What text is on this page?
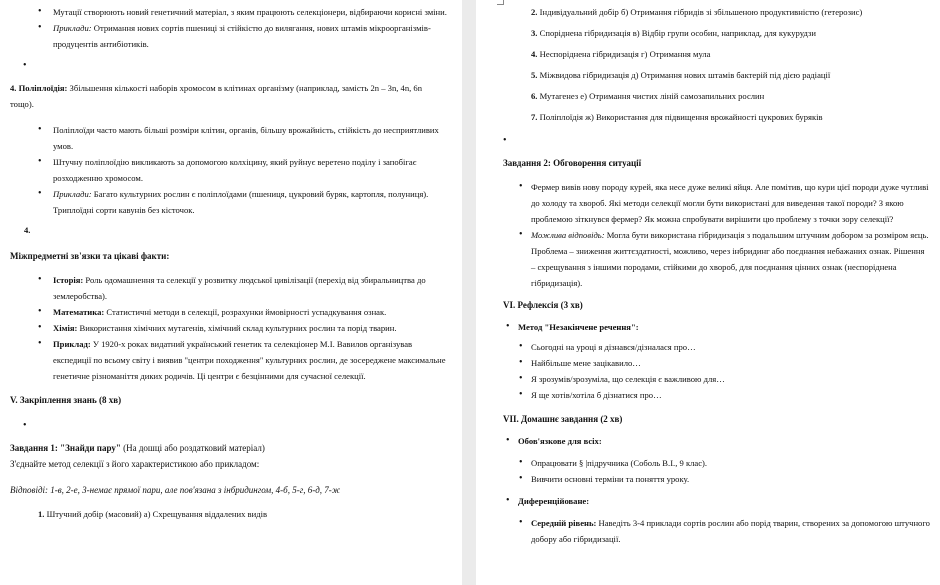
• Мутації створюють новий генетичний матеріал, з яким працюють селекціонери, відбираючи корисні зміни.
• Приклади: Отримання нових сортів пшениці зі стійкістю до вилягання, нових штамів мікроорганізмів-продуцентів антибіотиків.
•

4. Поліплоїдія: Збільшення кількості наборів хромосом в клітинах організму (наприклад, замість 2n – 3n, 4n, 6n тощо).

• Поліплоїди часто мають більші розміри клітин, органів, більшу врожайність, стійкість до несприятливих умов.
• Штучну поліплоїдію викликають за допомогою колхіцину, який руйнує веретено поділу і запобігає розходженню хромосом.
• Приклади: Багато культурних рослин є поліплоїдами (пшениця, цукровий буряк, картопля, полуниця). Триплоїдні сорти кавунів без кісточок.

4.

Міжпредметні зв'язки та цікаві факти:

• Історія: Роль одомашнення та селекції у розвитку людської цивілізації (перехід від збиральництва до землеробства).
• Математика: Статистичні методи в селекції, розрахунки ймовірності успадкування ознак.
• Хімія: Використання хімічних мутагенів, хімічний склад культурних рослин та порід тварин.
• Приклад: У 1920-х роках видатний український генетик та селекціонер М.І. Вавилов організував експедиції по всьому світу і виявив "центри походження" культурних рослин, де зосереджене максимальне генетичне різноманіття диких родичів. Ці центри є безцінними для сучасної селекції.

V. Закріплення знань (8 хв)

•

Завдання 1: "Знайди пару" (На дошці або роздатковий матеріал)

З'єднайте метод селекції з його характеристикою або прикладом:

Відповіді: 1-в, 2-е, 3-немає прямої пари, але пов'язана з інбридингом, 4-б, 5-г, 6-д, 7-ж

1. Штучний добір (масовий) а) Схрещування віддалених видів

2. Індивідуальний добір б) Отримання гібридів зі збільшеною продуктивністю (гетерозис)

3. Споріднена гібридизація в) Відбір групи особин, наприклад, для кукурудзи

4. Неспоріднена гібридизація г) Отримання мула

5. Міжвидова гібридизація д) Отримання нових штамів бактерій під дією радіації

6. Мутагенез е) Отримання чистих ліній самозапильних рослин

7. Поліплоїдія ж) Використання для підвищення врожайності цукрових буряків

•

Завдання 2: Обговорення ситуації

• Фермер вивів нову породу курей, яка несе дуже великі яйця. Але помітив, що кури цієї породи дуже чутливі до холоду та хвороб. Які методи селекції могли бути використані для виведення такої породи? З якою проблемою зіткнувся фермер? Як можна спробувати вирішити цю проблему з точки зору селекції?
• Можлива відповідь: Могла бути використана гібридизація з подальшим штучним добором за розміром яєць. Проблема – зниження життєздатності, можливо, через інбридинг або поєднання небажаних ознак. Рішення – схрещування з іншими породами, стійкими до хвороб, для поєднання цінних ознак (неспоріднена гібридизація).

VI. Рефлексія (3 хв)

• Метод "Незакінчене речення":
• Сьогодні на уроці я дізнався/дізналася про…
• Найбільше мене зацікавило…
• Я зрозумів/зрозуміла, що селекція є важливою для…
• Я ще хотів/хотіла б дізнатися про…

VII. Домашнє завдання (2 хв)

• Обов'язкове для всіх:
• Опрацювати § |підручника (Соболь В.І., 9 клас).
• Вивчити основні терміни та поняття уроку.
• Диференційоване:
• Середній рівень: Наведіть 3-4 приклади сортів рослин або порід тварин, створених за допомогою штучного добору або гібридизації.
